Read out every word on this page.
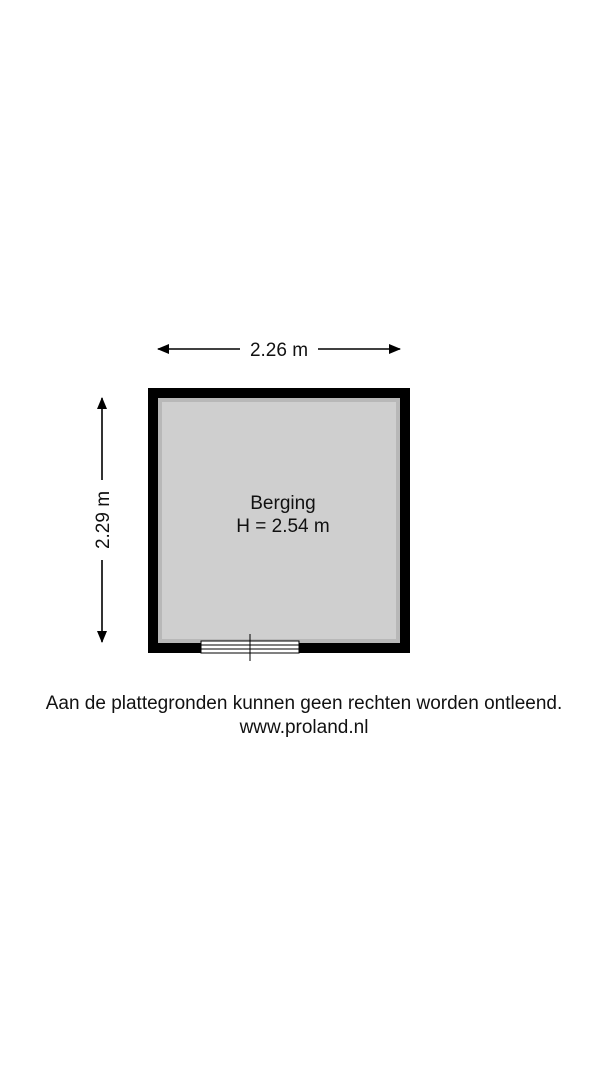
2.26 m
2.29 m	Berging
H = 2.54 m
Aan de plattegronden kunnen geen rechten worden ontleend.
www.proland.nl
